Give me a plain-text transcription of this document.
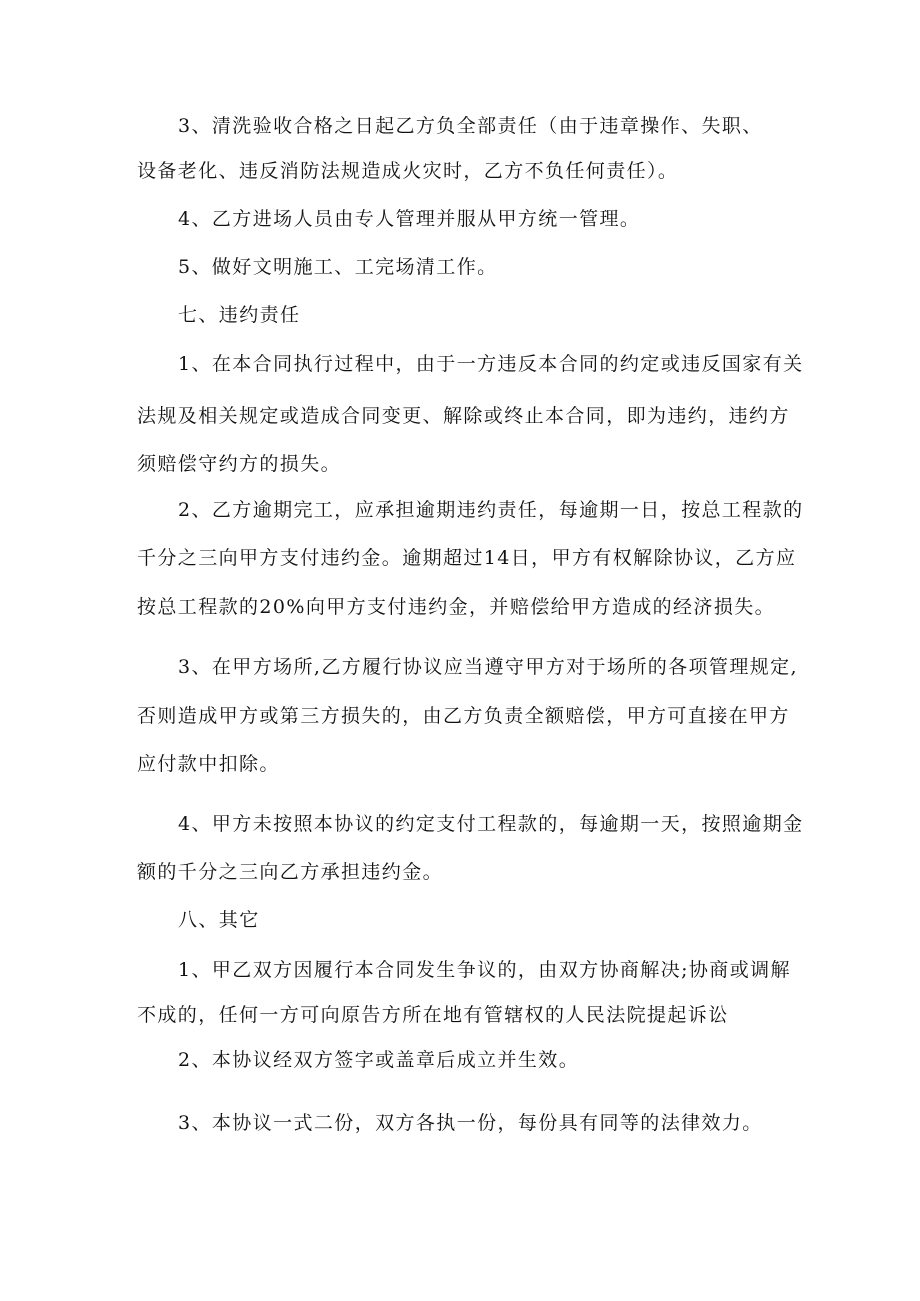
3、清洗验收合格之日起乙方负全部责任（由于违章操作、失职、
设备老化、违反消防法规造成火灾时，乙方不负任何责任）。
4、乙方进场人员由专人管理并服从甲方统一管理。
5、做好文明施工、工完场清工作。
七、违约责任
1、在本合同执行过程中，由于一方违反本合同的约定或违反国家有关
法规及相关规定或造成合同变更、解除或终止本合同，即为违约，违约方
须赔偿守约方的损失。
2、乙方逾期完工，应承担逾期违约责任，每逾期一日，按总工程款的
千分之三向甲方支付违约金。逾期超过14日，甲方有权解除协议，乙方应
按总工程款的20%向甲方支付违约金，并赔偿给甲方造成的经济损失。
3、在甲方场所,乙方履行协议应当遵守甲方对于场所的各项管理规定,
否则造成甲方或第三方损失的，由乙方负责全额赔偿，甲方可直接在甲方
应付款中扣除。
4、甲方未按照本协议的约定支付工程款的，每逾期一天，按照逾期金
额的千分之三向乙方承担违约金。
八、其它
1、甲乙双方因履行本合同发生争议的，由双方协商解决;协商或调解
不成的，任何一方可向原告方所在地有管辖权的人民法院提起诉讼
2、本协议经双方签字或盖章后成立并生效。
3、本协议一式二份，双方各执一份，每份具有同等的法律效力。
